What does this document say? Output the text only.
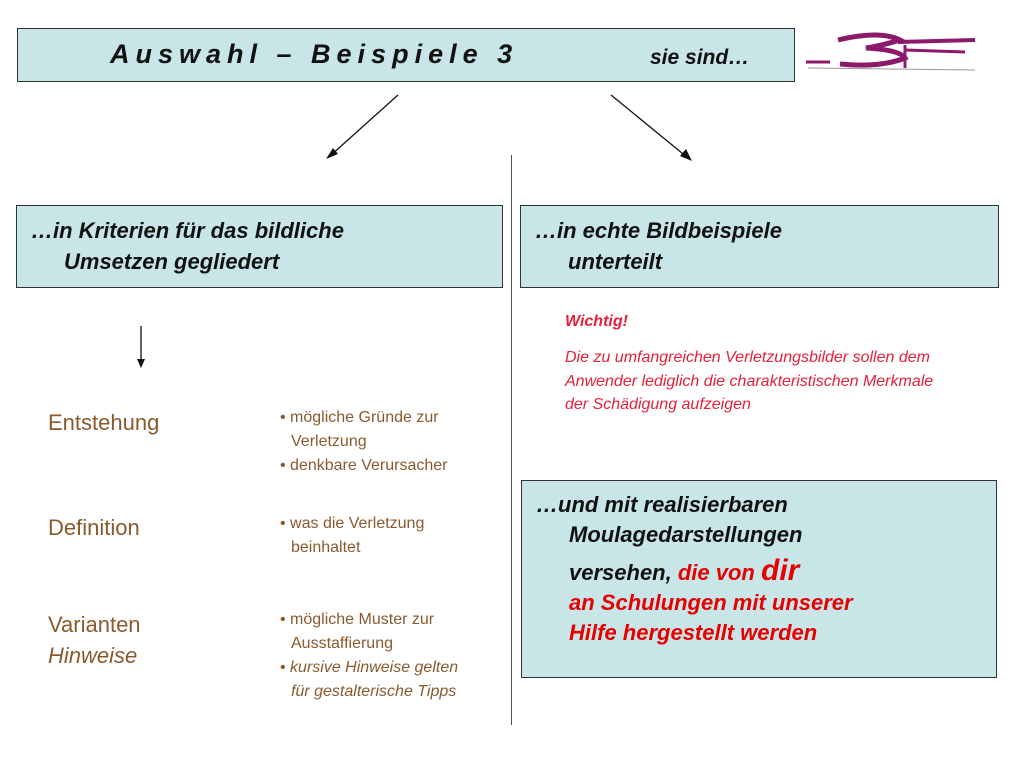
Auswahl – Beispiele 3	sie sind…
…in Kriterien für das bildliche
Umsetzen gegliedert
…in echte Bildbeispiele
unterteilt
Wichtig!
Die zu umfangreichen Verletzungsbilder sollen dem Anwender lediglich die charakteristischen Merkmale der Schädigung aufzeigen
Entstehung
Definition
Varianten
Hinweise
• mögliche Gründe zur
Verletzung
• denkbare Verursacher
• was die Verletzung
beinhaltet
• mögliche Muster zur
Ausstaffierung
• kursive Hinweise gelten
für gestalterische Tipps
…und mit realisierbaren
Moulagedarstellungen
versehen, die von dir
an Schulungen mit unserer
Hilfe hergestellt werden
